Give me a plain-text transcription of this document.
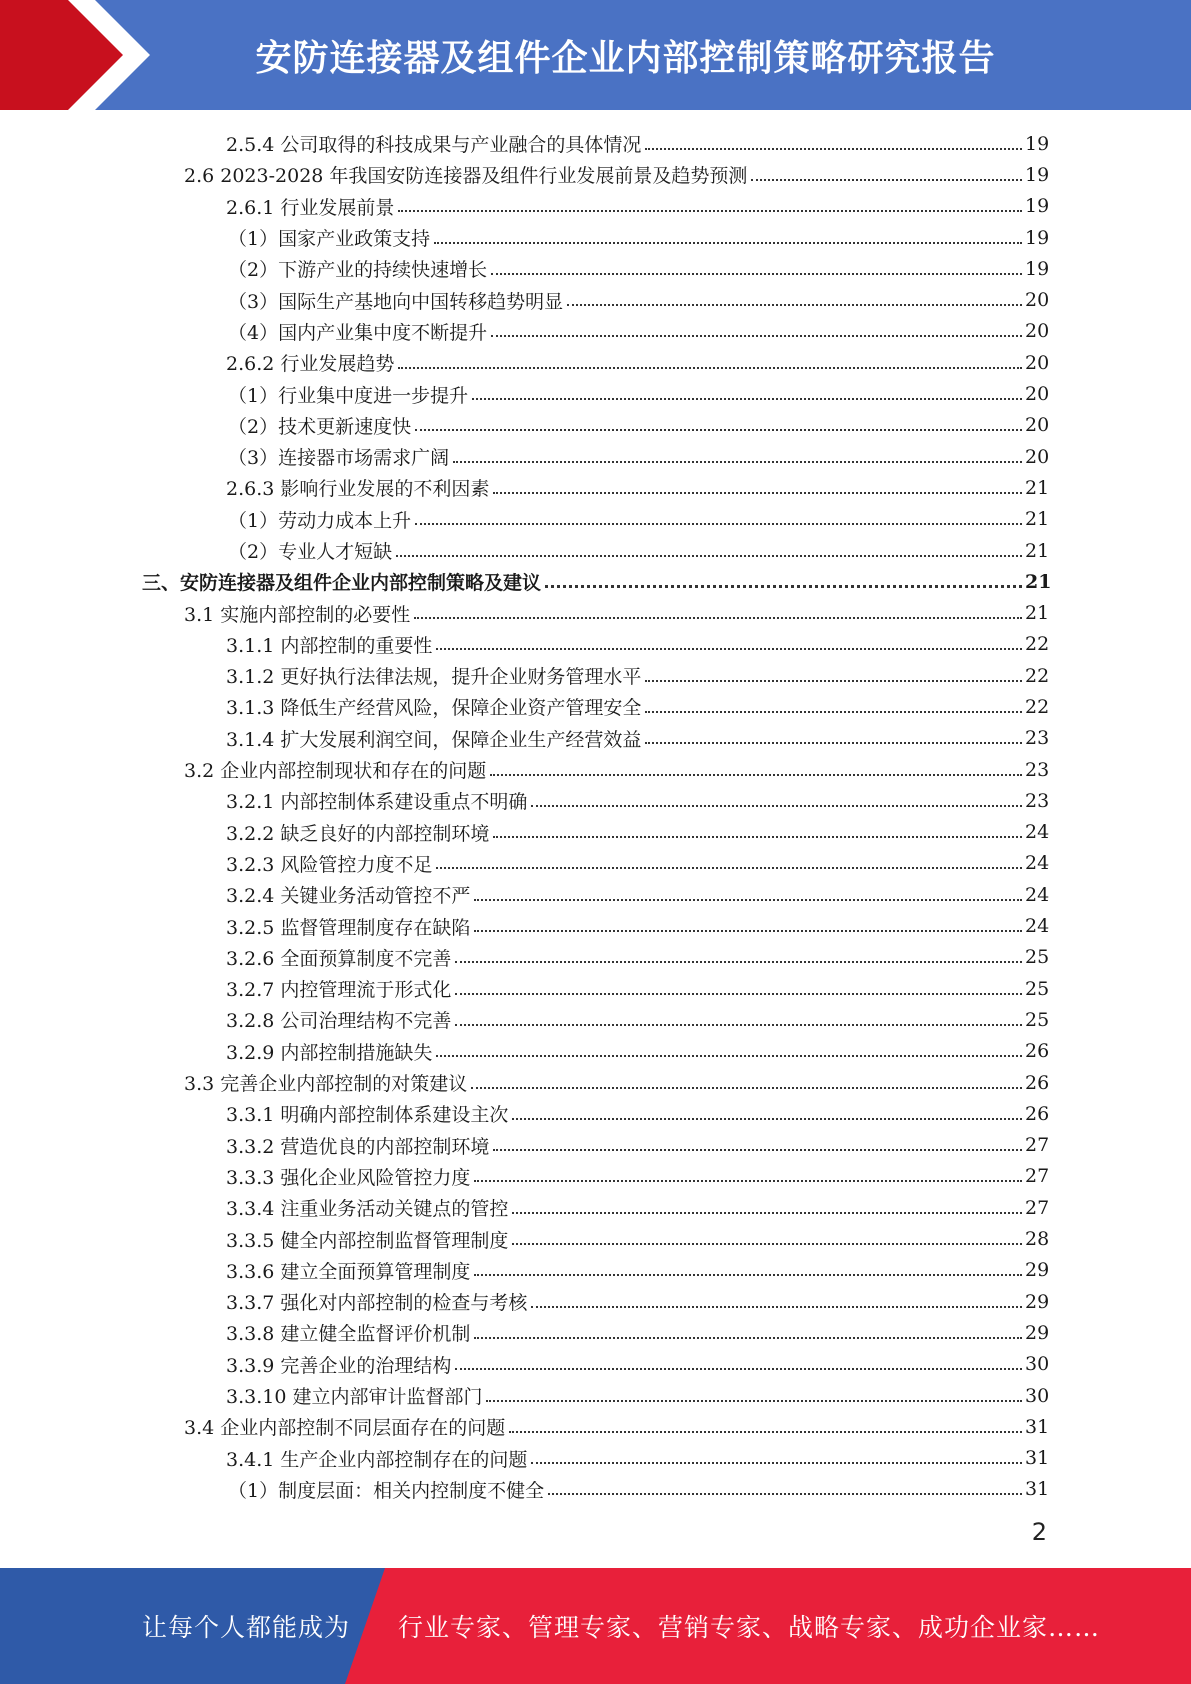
安防连接器及组件企业内部控制策略研究报告
2.5.4 公司取得的科技成果与产业融合的具体情况	19
2.6 2023-2028 年我国安防连接器及组件行业发展前景及趋势预测	19
2.6.1 行业发展前景	19
（1）国家产业政策支持	19
（2）下游产业的持续快速增长	19
（3）国际生产基地向中国转移趋势明显	20
（4）国内产业集中度不断提升	20
2.6.2 行业发展趋势	20
（1）行业集中度进一步提升	20
（2）技术更新速度快	20
（3）连接器市场需求广阔	20
2.6.3 影响行业发展的不利因素	21
（1）劳动力成本上升	21
（2）专业人才短缺	21
三、安防连接器及组件企业内部控制策略及建议	21
3.1 实施内部控制的必要性	21
3.1.1 内部控制的重要性	22
3.1.2 更好执行法律法规，提升企业财务管理水平	22
3.1.3 降低生产经营风险，保障企业资产管理安全	22
3.1.4 扩大发展利润空间，保障企业生产经营效益	23
3.2 企业内部控制现状和存在的问题	23
3.2.1 内部控制体系建设重点不明确	23
3.2.2 缺乏良好的内部控制环境	24
3.2.3 风险管控力度不足	24
3.2.4 关键业务活动管控不严	24
3.2.5 监督管理制度存在缺陷	24
3.2.6 全面预算制度不完善	25
3.2.7 内控管理流于形式化	25
3.2.8 公司治理结构不完善	25
3.2.9 内部控制措施缺失	26
3.3 完善企业内部控制的对策建议	26
3.3.1 明确内部控制体系建设主次	26
3.3.2 营造优良的内部控制环境	27
3.3.3 强化企业风险管控力度	27
3.3.4 注重业务活动关键点的管控	27
3.3.5 健全内部控制监督管理制度	28
3.3.6 建立全面预算管理制度	29
3.3.7 强化对内部控制的检查与考核	29
3.3.8 建立健全监督评价机制	29
3.3.9 完善企业的治理结构	30
3.3.10 建立内部审计监督部门	30
3.4 企业内部控制不同层面存在的问题	31
3.4.1 生产企业内部控制存在的问题	31
（1）制度层面：相关内控制度不健全	31
2
让每个人都能成为 行业专家、管理专家、营销专家、战略专家、成功企业家……
